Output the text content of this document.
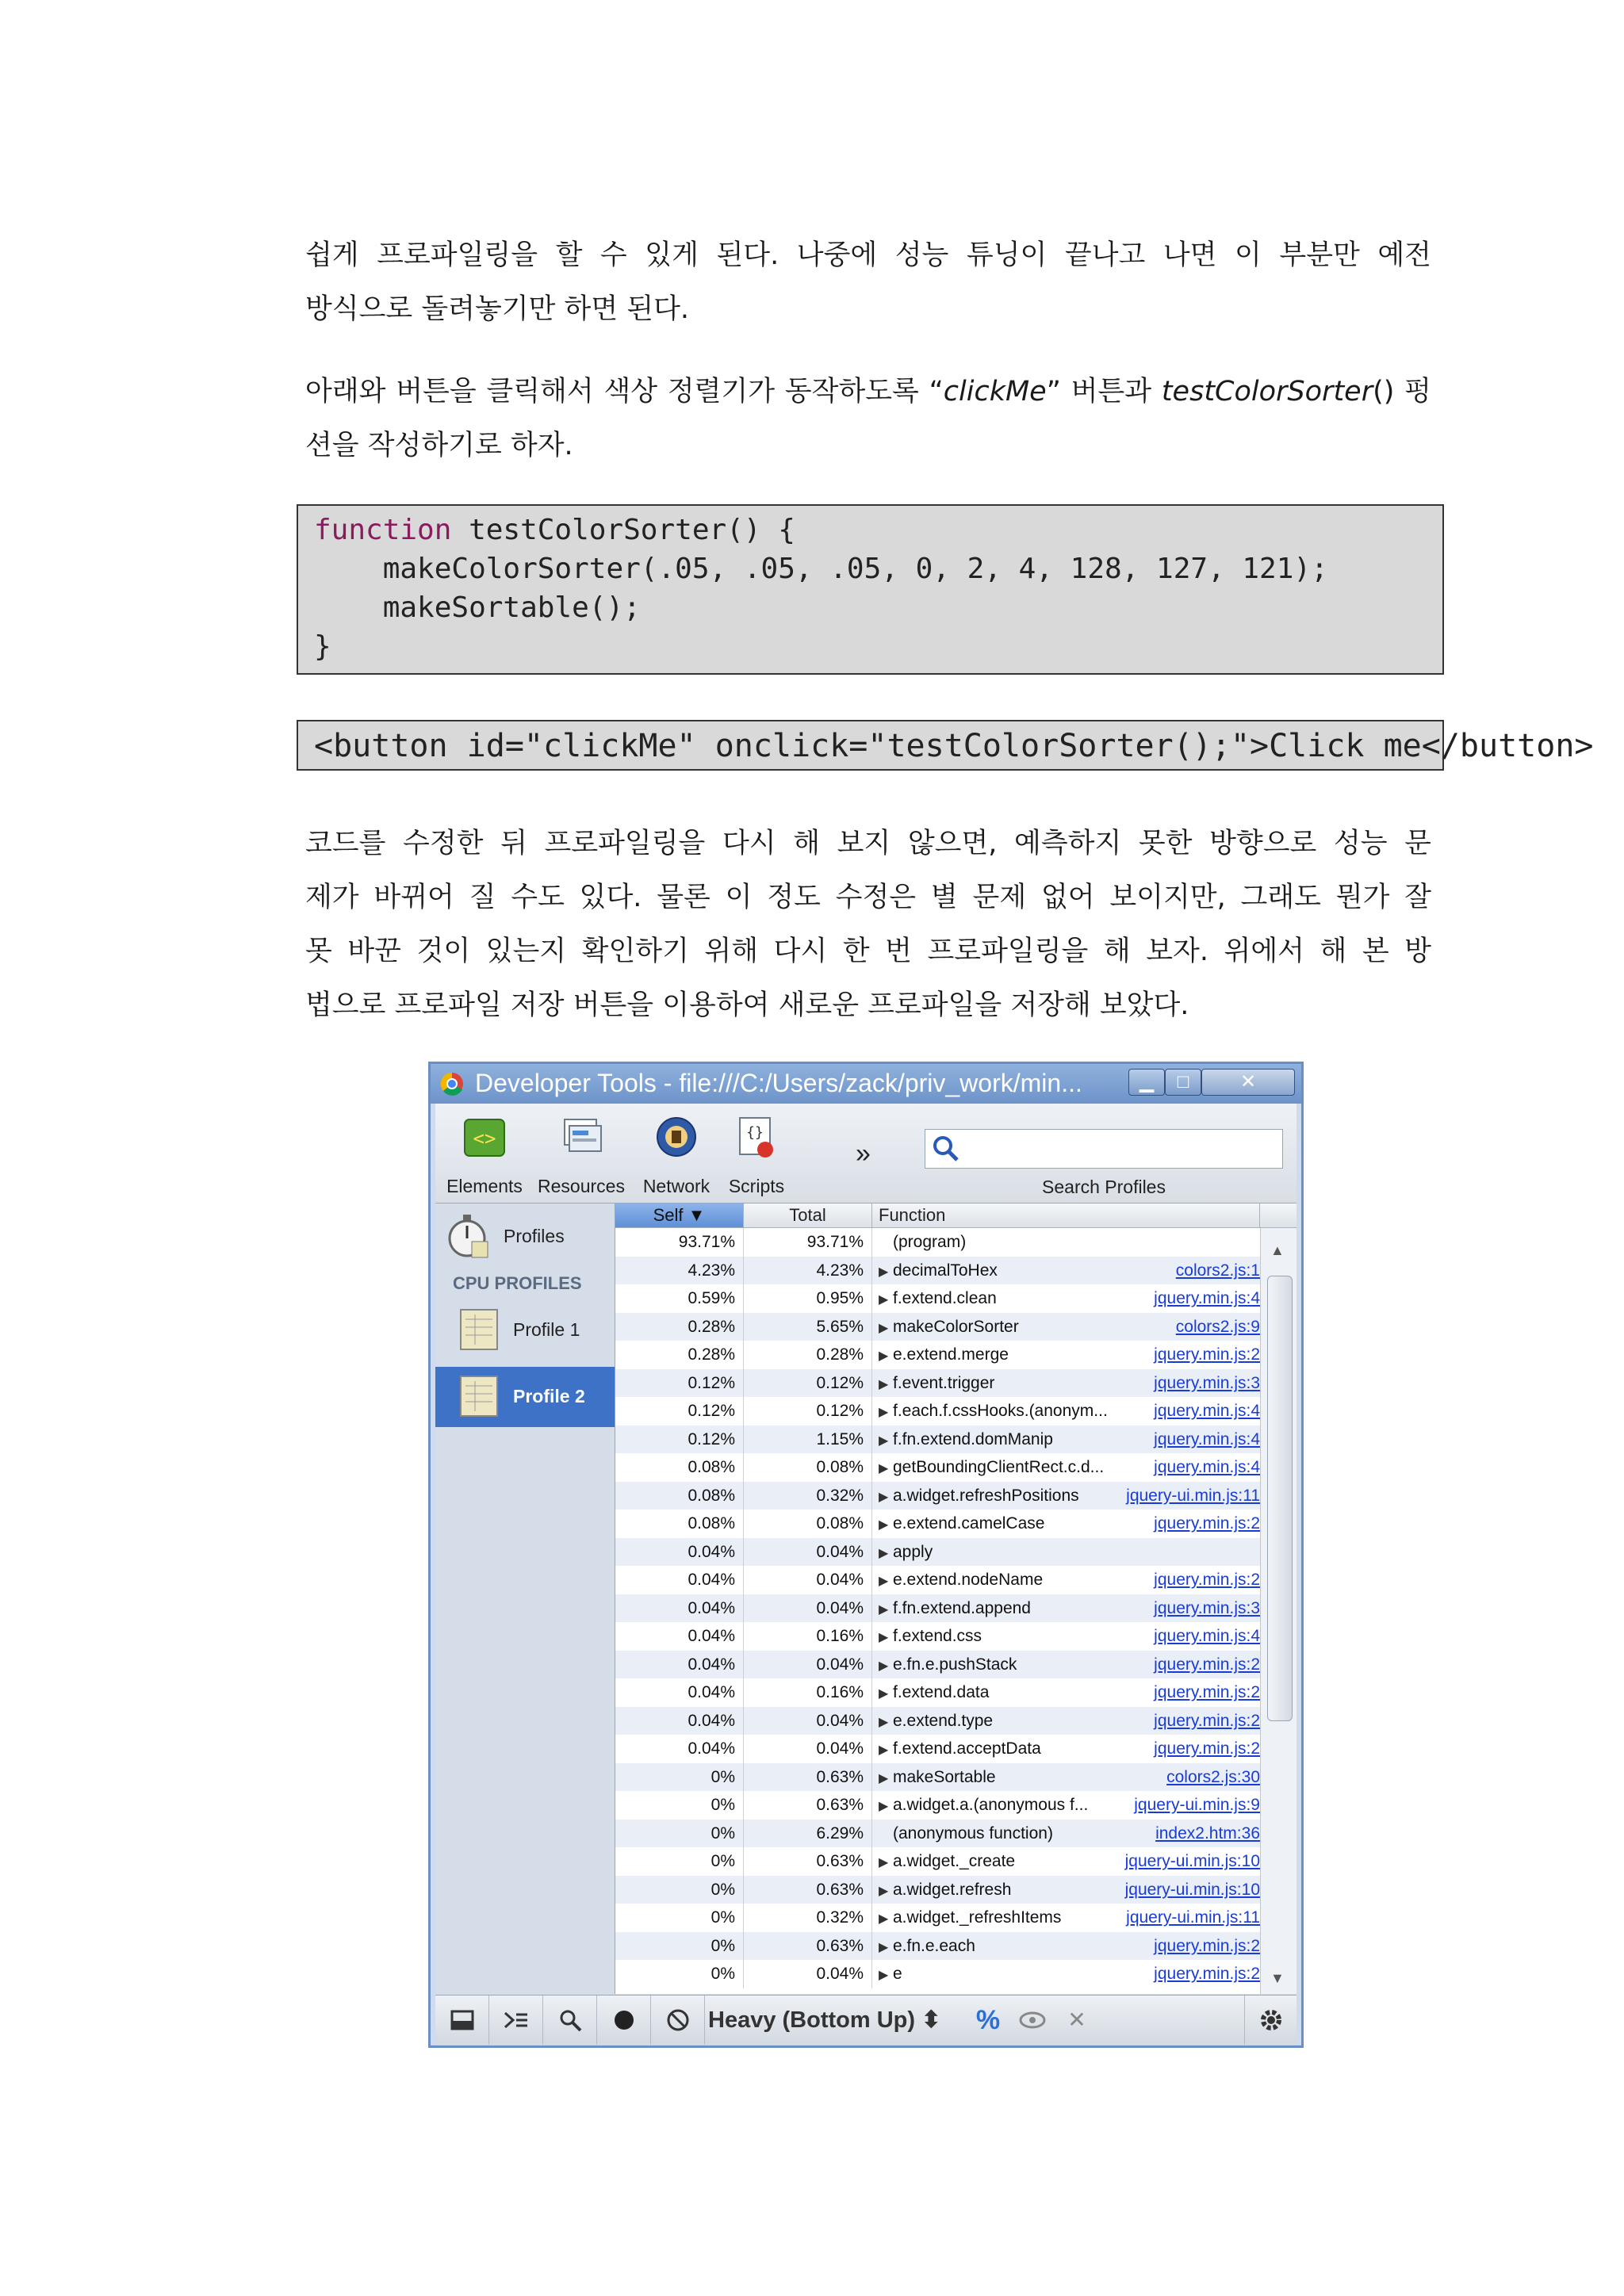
쉽게 프로파일링을 할 수 있게 된다. 나중에 성능 튜닝이 끝나고 나면 이 부분만 예전
방식으로 돌려놓기만 하면 된다.
아래와 버튼을 클릭해서 색상 정렬기가 동작하도록 “clickMe” 버튼과 testColorSorter() 펑
션을 작성하기로 하자.
function testColorSorter() {
makeColorSorter(.05, .05, .05, 0, 2, 4, 128, 127, 121);
makeSortable();
}
<button id="clickMe" onclick="testColorSorter();">Click me</button>
코드를 수정한 뒤 프로파일링을 다시 해 보지 않으면, 예측하지 못한 방향으로 성능 문
제가 바뀌어 질 수도 있다. 물론 이 정도 수정은 별 문제 없어 보이지만, 그래도 뭔가 잘
못 바꾼 것이 있는지 확인하기 위해 다시 한 번 프로파일링을 해 보자. 위에서 해 본 방
법으로 프로파일 저장 버튼을 이용하여 새로운 프로파일을 저장해 보았다.
Developer Tools - file:///C:/Users/zack/priv_work/min...	▁	□	✕
<>
Elements Resources Network
{}
Scripts
»
Search Profiles
Profiles
CPU PROFILES
Profile 1
Profile 2
Self ▼	Total	Function
93.71%	93.71%	(program)
4.23%	4.23%	▶ decimalToHex	colors2.js:1
0.59%	0.95%	▶ f.extend.clean	jquery.min.js:4
0.28%	5.65%	▶ makeColorSorter	colors2.js:9
0.28%	0.28%	▶ e.extend.merge	jquery.min.js:2
0.12%	0.12%	▶ f.event.trigger	jquery.min.js:3
0.12%	0.12%	▶ f.each.f.cssHooks.(anonym...	jquery.min.js:4
0.12%	1.15%	▶ f.fn.extend.domManip	jquery.min.js:4
0.08%	0.08%	▶ getBoundingClientRect.c.d...	jquery.min.js:4
0.08%	0.32%	▶ a.widget.refreshPositions	jquery-ui.min.js:11
0.08%	0.08%	▶ e.extend.camelCase	jquery.min.js:2
0.04%	0.04%	▶ apply
0.04%	0.04%	▶ e.extend.nodeName	jquery.min.js:2
0.04%	0.04%	▶ f.fn.extend.append	jquery.min.js:3
0.04%	0.16%	▶ f.extend.css	jquery.min.js:4
0.04%	0.04%	▶ e.fn.e.pushStack	jquery.min.js:2
0.04%	0.16%	▶ f.extend.data	jquery.min.js:2
0.04%	0.04%	▶ e.extend.type	jquery.min.js:2
0.04%	0.04%	▶ f.extend.acceptData	jquery.min.js:2
0%	0.63%	▶ makeSortable	colors2.js:30
0%	0.63%	▶ a.widget.a.(anonymous f...	jquery-ui.min.js:9
0%	6.29%	(anonymous function)	index2.htm:36
0%	0.63%	▶ a.widget._create	jquery-ui.min.js:10
0%	0.63%	▶ a.widget.refresh	jquery-ui.min.js:10
0%	0.32%	▶ a.widget._refreshItems	jquery-ui.min.js:11
0%	0.63%	▶ e.fn.e.each	jquery.min.js:2
0%	0.04%	▶ e	jquery.min.js:2
▲
▼
Heavy (Bottom Up) ⬍	%	✕
